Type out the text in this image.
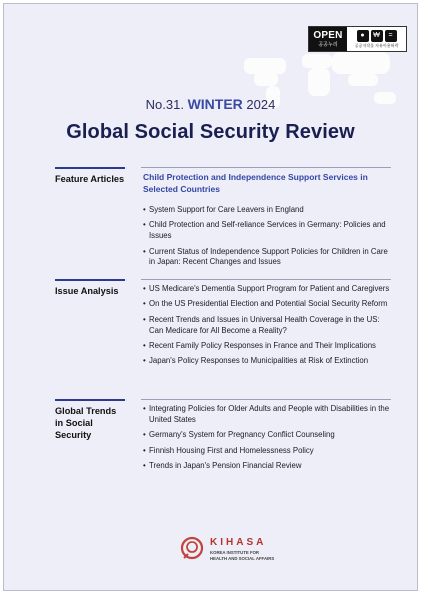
OPEN
공공누리
●	₩	=
공공저작물 자유이용허락
No.31. WINTER 2024
Global Social Security Review
Feature Articles Child Protection and Independence Support Services in Selected Countries
• System Support for Care Leavers in England
• Child Protection and Self-reliance Services in Germany: Policies and Issues
• Current Status of Independence Support Policies for Children in Care in Japan: Recent Changes and Issues
Issue Analysis
•	US Medicare's Dementia Support Program for Patient and Caregivers
• On the US Presidential Election and Potential Social Security Reform
• Recent Trends and Issues in Universal Health Coverage in the US: Can Medicare for All Become a Reality?
• Recent Family Policy Responses in France and Their Implications
• Japan's Policy Responses to Municipalities at Risk of Extinction
Global Trends in Social Security
• Integrating Policies for Older Adults and People with Disabilities in the United States
• Germany's System for Pregnancy Conflict Counseling
• Finnish Housing First and Homelessness Policy
• Trends in Japan's Pension Financial Review
KIHASA
KOREA INSTITUTE FOR
HEALTH AND SOCIAL AFFAIRS
